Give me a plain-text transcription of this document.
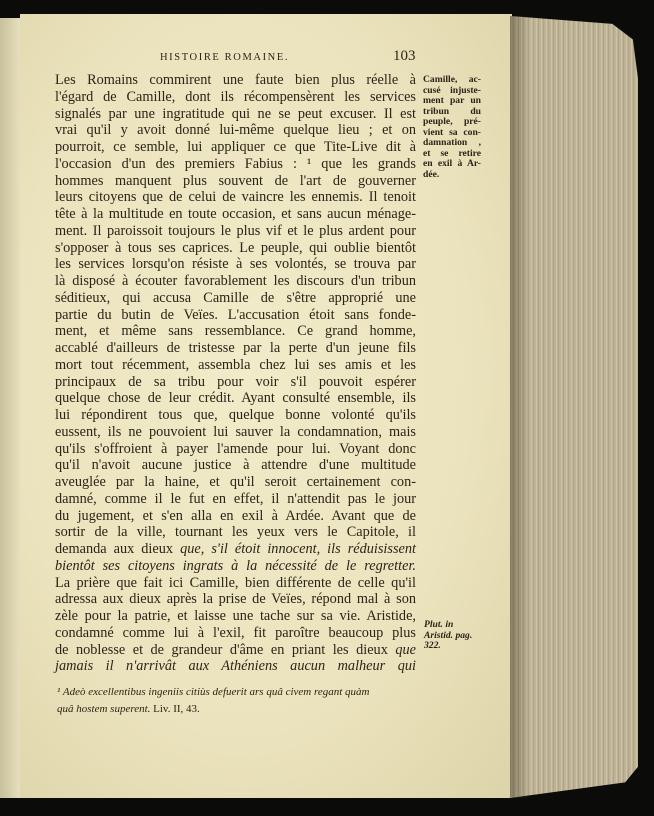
HISTOIRE ROMAINE.	103
Les Romains commirent une faute bien plus réelle à
l'égard de Camille, dont ils récompensèrent les services
signalés par une ingratitude qui ne se peut excuser. Il est
vrai qu'il y avoit donné lui-même quelque lieu ; et on
pourroit, ce semble, lui appliquer ce que Tite-Live dit à
l'occasion d'un des premiers Fabius : ¹ que les grands
hommes manquent plus souvent de l'art de gouverner
leurs citoyens que de celui de vaincre les ennemis. Il tenoit
tête à la multitude en toute occasion, et sans aucun ménage-
ment. Il paroissoit toujours le plus vif et le plus ardent pour
s'opposer à tous ses caprices. Le peuple, qui oublie bientôt
les services lorsqu'on résiste à ses volontés, se trouva par
là disposé à écouter favorablement les discours d'un tribun
séditieux, qui accusa Camille de s'être approprié une
partie du butin de Veïes. L'accusation étoit sans fonde-
ment, et même sans ressemblance. Ce grand homme,
accablé d'ailleurs de tristesse par la perte d'un jeune fils
mort tout récemment, assembla chez lui ses amis et les
principaux de sa tribu pour voir s'il pouvoit espérer
quelque chose de leur crédit. Ayant consulté ensemble, ils
lui répondirent tous que, quelque bonne volonté qu'ils
eussent, ils ne pouvoient lui sauver la condamnation, mais
qu'ils s'offroient à payer l'amende pour lui. Voyant donc
qu'il n'avoit aucune justice à attendre d'une multitude
aveuglée par la haine, et qu'il seroit certainement con-
damné, comme il le fut en effet, il n'attendit pas le jour
du jugement, et s'en alla en exil à Ardée. Avant que de
sortir de la ville, tournant les yeux vers le Capitole, il
demanda aux dieux que, s'il étoit innocent, ils réduisissent
bientôt ses citoyens ingrats à la nécessité de le regretter.
La prière que fait ici Camille, bien différente de celle qu'il
adressa aux dieux après la prise de Veïes, répond mal à son
zèle pour la patrie, et laisse une tache sur sa vie. Aristide,
condamné comme lui à l'exil, fit paroître beaucoup plus
de noblesse et de grandeur d'âme en priant les dieux que
jamais il n'arrivât aux Athéniens aucun malheur qui
Camille, ac-
cusé injuste-
ment par un
tribun du
peuple, pré-
vient sa con-
damnation ,
et se retire
en exil à Ar-
dée.
Plut. in
Aristid. pag.
322.
¹ Adeò excellentibus ingeniis citiùs defuerit ars quâ civem regant quàm
quâ hostem superent. Liv. II, 43.
